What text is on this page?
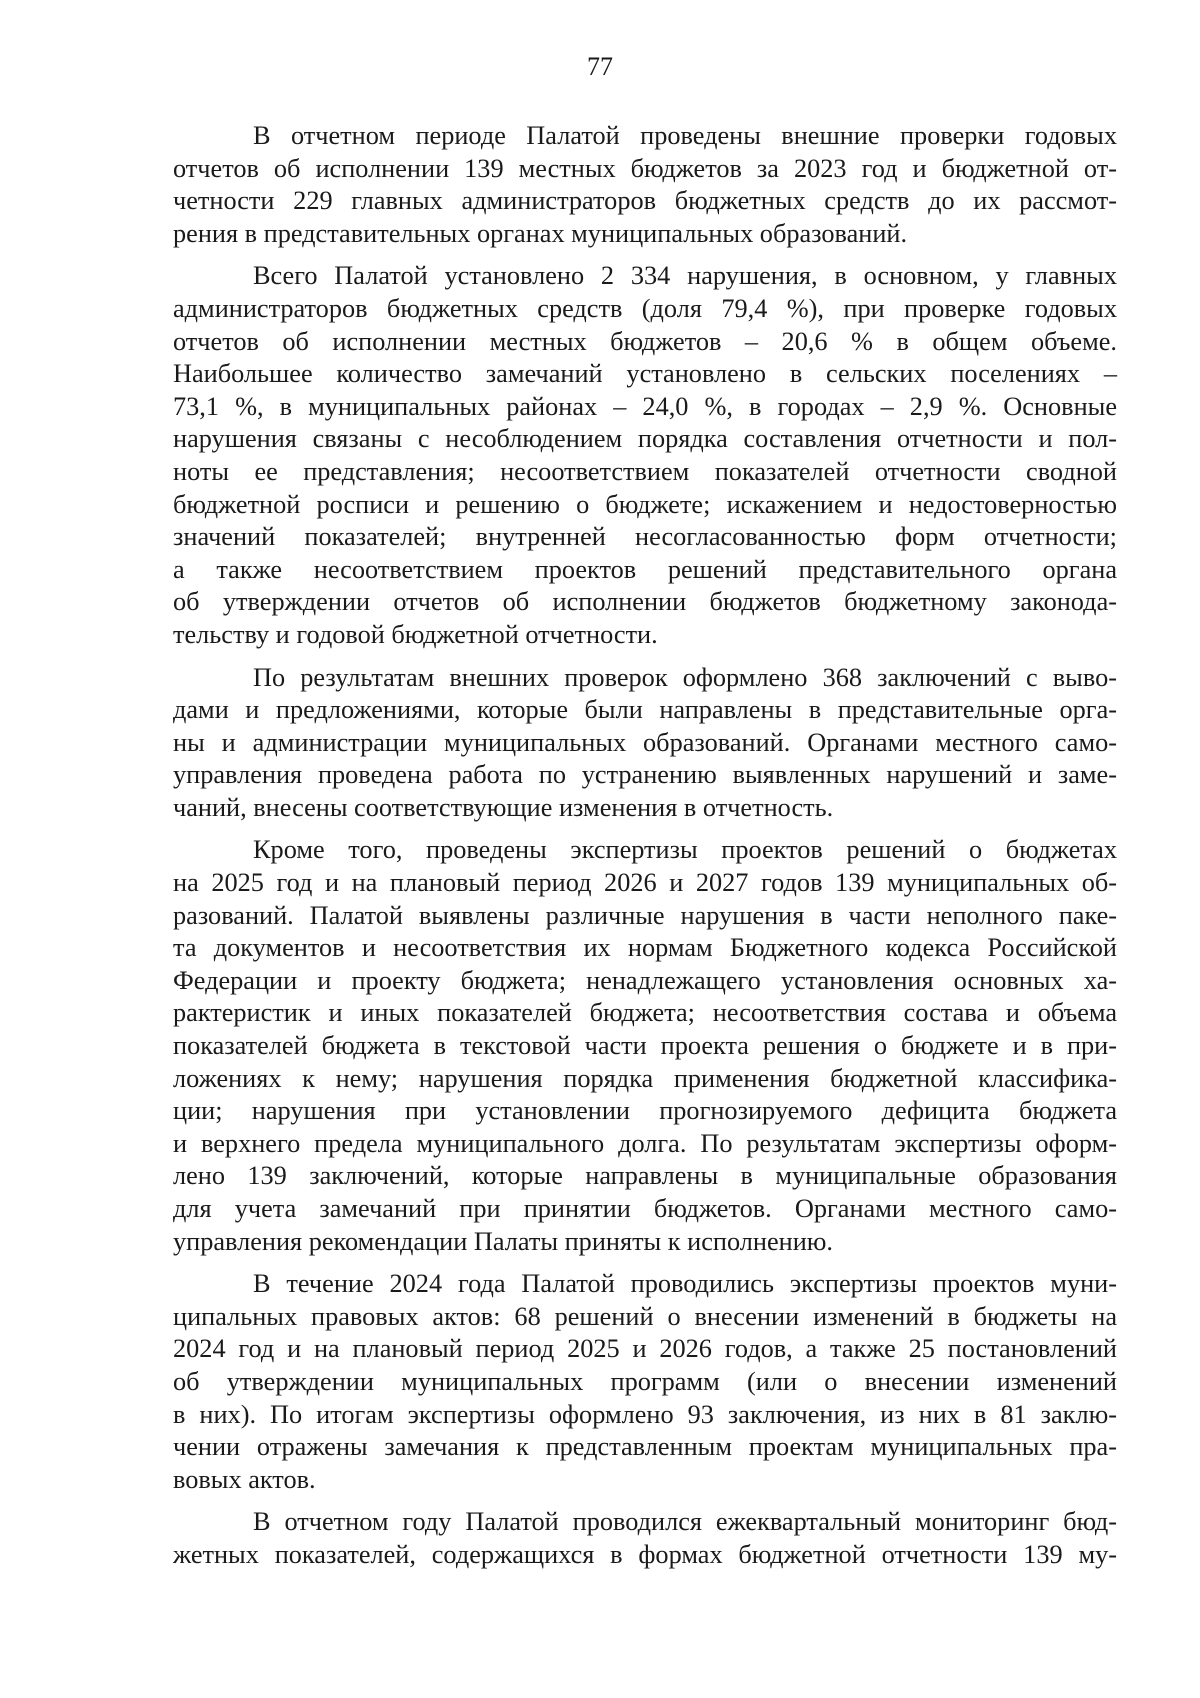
77
В отчетном периоде Палатой проведены внешние проверки годовых
отчетов об исполнении 139 местных бюджетов за 2023 год и бюджетной от-
четности 229 главных администраторов бюджетных средств до их рассмот-
рения в представительных органах муниципальных образований.
Всего Палатой установлено 2 334 нарушения, в основном, у главных
администраторов бюджетных средств (доля 79,4 %), при проверке годовых
отчетов об исполнении местных бюджетов – 20,6 % в общем объеме.
Наибольшее количество замечаний установлено в сельских поселениях –
73,1 %, в муниципальных районах – 24,0 %, в городах – 2,9 %. Основные
нарушения связаны с несоблюдением порядка составления отчетности и пол-
ноты ее представления; несоответствием показателей отчетности сводной
бюджетной росписи и решению о бюджете; искажением и недостоверностью
значений показателей; внутренней несогласованностью форм отчетности;
а также несоответствием проектов решений представительного органа
об утверждении отчетов об исполнении бюджетов бюджетному законода-
тельству и годовой бюджетной отчетности.
По результатам внешних проверок оформлено 368 заключений с выво-
дами и предложениями, которые были направлены в представительные орга-
ны и администрации муниципальных образований. Органами местного само-
управления проведена работа по устранению выявленных нарушений и заме-
чаний, внесены соответствующие изменения в отчетность.
Кроме того, проведены экспертизы проектов решений о бюджетах
на 2025 год и на плановый период 2026 и 2027 годов 139 муниципальных об-
разований. Палатой выявлены различные нарушения в части неполного паке-
та документов и несоответствия их нормам Бюджетного кодекса Российской
Федерации и проекту бюджета; ненадлежащего установления основных ха-
рактеристик и иных показателей бюджета; несоответствия состава и объема
показателей бюджета в текстовой части проекта решения о бюджете и в при-
ложениях к нему; нарушения порядка применения бюджетной классифика-
ции; нарушения при установлении прогнозируемого дефицита бюджета
и верхнего предела муниципального долга. По результатам экспертизы оформ-
лено 139 заключений, которые направлены в муниципальные образования
для учета замечаний при принятии бюджетов. Органами местного само-
управления рекомендации Палаты приняты к исполнению.
В течение 2024 года Палатой проводились экспертизы проектов муни-
ципальных правовых актов: 68 решений о внесении изменений в бюджеты на
2024 год и на плановый период 2025 и 2026 годов, а также 25 постановлений
об утверждении муниципальных программ (или о внесении изменений
в них). По итогам экспертизы оформлено 93 заключения, из них в 81 заклю-
чении отражены замечания к представленным проектам муниципальных пра-
вовых актов.
В отчетном году Палатой проводился ежеквартальный мониторинг бюд-
жетных показателей, содержащихся в формах бюджетной отчетности 139 му-
